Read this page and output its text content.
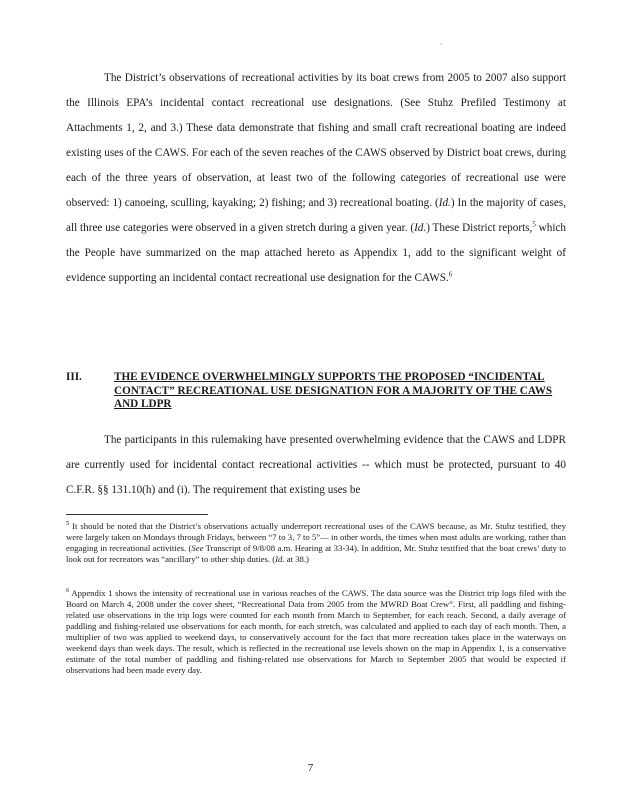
`

The District’s observations of recreational activities by its boat crews from 2005 to 2007 also support the Illinois EPA’s incidental contact recreational use designations. (See Stuhz Prefiled Testimony at Attachments 1, 2, and 3.) These data demonstrate that fishing and small craft recreational boating are indeed existing uses of the CAWS. For each of the seven reaches of the CAWS observed by District boat crews, during each of the three years of observation, at least two of the following categories of recreational use were observed: 1) canoeing, sculling, kayaking; 2) fishing; and 3) recreational boating. (Id.) In the majority of cases, all three use categories were observed in a given stretch during a given year. (Id.) These District reports,$^5$ which the People have summarized on the map attached hereto as Appendix 1, add to the significant weight of evidence supporting an incidental contact recreational use designation for the CAWS.$^6$

III.	THE EVIDENCE OVERWHELMINGLY SUPPORTS THE PROPOSED “INCIDENTAL CONTACT” RECREATIONAL USE DESIGNATION FOR A MAJORITY OF THE CAWS AND LDPR

The participants in this rulemaking have presented overwhelming evidence that the CAWS and LDPR are currently used for incidental contact recreational activities -- which must be protected, pursuant to 40 C.F.R. §§ 131.10(h) and (i). The requirement that existing uses be

$^5$ It should be noted that the District’s observations actually underreport recreational uses of the CAWS because, as Mr. Stuhz testified, they were largely taken on Mondays through Fridays, between “7 to 3, 7 to 5”— in other words, the times when most adults are working, rather than engaging in recreational activities. (See Transcript of 9/8/08 a.m. Hearing at 33-34). In addition, Mr. Stuhz testified that the boat crews’ duty to look out for recreators was “ancillary” to other ship duties. (Id. at 38.)

$^6$ Appendix 1 shows the intensity of recreational use in various reaches of the CAWS. The data source was the District trip logs filed with the Board on March 4, 2008 under the cover sheet, “Recreational Data from 2005 from the MWRD Boat Crew”. First, all paddling and fishing-related use observations in the trip logs were counted for each month from March to September, for each reach. Second, a daily average of paddling and fishing-related use observations for each month, for each stretch, was calculated and applied to each day of each month. Then, a multiplier of two was applied to weekend days, to conservatively account for the fact that more recreation takes place in the waterways on weekend days than week days. The result, which is reflected in the recreational use levels shown on the map in Appendix 1, is a conservative estimate of the total number of paddling and fishing-related use observations for March to September 2005 that would be expected if observations had been made every day.

7
